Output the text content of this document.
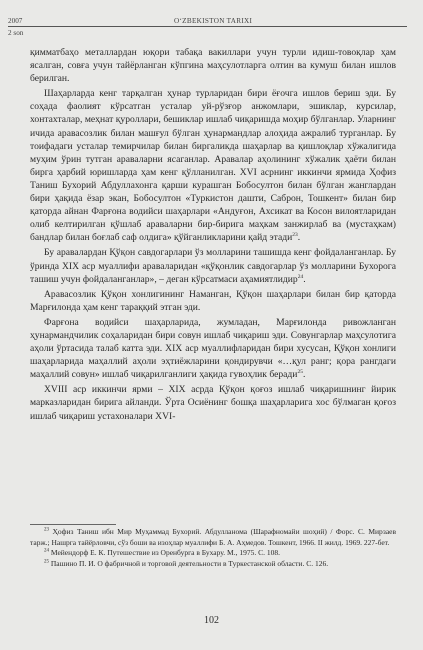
2007	O‘ZBEKISTON TARIXI
2 son

қимматбаҳо металлардан юқори табақа вакиллари учун турли идиш-товоқлар ҳам ясалган, совға учун тайёрланган кўпгина маҳсулотларга олтин ва кумуш билан ишлов берилган.

Шаҳарларда кенг тарқалган ҳунар турларидан бири ёғочга ишлов бериш эди. Бу соҳада фаолият кўрсатган усталар уй-рўзғор анжомлари, эшиклар, курсилар, хонтахталар, меҳнат қуроллари, бешиклар ишлаб чиқаришда моҳир бўлганлар. Уларнинг ичида аравасозлик билан машғул бўлган ҳунармандлар алоҳида ажралиб турганлар. Бу тоифадаги усталар темирчилар билан биргаликда шаҳарлар ва қишлоқлар хўжалигида муҳим ўрин тутган араваларни ясаганлар. Аравалар аҳолининг хўжалик ҳаёти билан бирга ҳарбий юришларда ҳам кенг қўлланилган. XVI асрнинг иккинчи ярмида Ҳофиз Таниш Бухорий Абдуллахонга қарши курашган Бобосултон билан бўлган жанглардан бири ҳақида ёзар экан, Бобосултон «Туркистон дашти, Саброн, Тошкент» билан бир қаторда айнан Фарғона водийси шаҳарлари «Андуғон, Ахсикат ва Косон вилоятларидан олиб келтирилган қўшлаб араваларни бир-бирига маҳкам занжирлаб ва (мустаҳкам) бандлар билан боғлаб саф олдига» қўйганликларини қайд этади$^{23}$.

Бу аравалардан Қўқон савдогарлари ўз молларини ташишда кенг фойдаланганлар. Бу ўринда XIX аср муаллифи араваларидан «қўқонлик савдогарлар ўз молларини Бухорога ташиш учун фойдаланганлар», – деган кўрсатмаси аҳамиятлидир$^{24}$.

Аравасозлик Қўқон хонлигининг Наманган, Қўқон шаҳарлари билан бир қаторда Марғилонда ҳам кенг тараққий этган эди.

Фарғона водийси шаҳарларида, жумладан, Марғилонда ривожланган ҳунармандчилик соҳаларидан бири совун ишлаб чиқариш эди. Совунгарлар маҳсулотига аҳоли ўртасида талаб катта эди. XIX аср муаллифларидан бири хусусан, Қўқон хонлиги шаҳарларида маҳаллий аҳоли эҳтиёжларини қондирувчи «…қул ранг; қора рангдаги маҳаллий совун» ишлаб чиқарилганлиги ҳақида гувоҳлик беради$^{25}$.

XVIII аср иккинчи ярми – XIX асрда Қўқон қоғоз ишлаб чиқаришнинг йирик марказларидан бирига айланди. Ўрта Осиёнинг бошқа шаҳарларига хос бўлмаган қоғоз ишлаб чиқариш устахоналари XVI-

$^{23}$ Ҳофиз Таниш ибн Мир Муҳаммад Бухорий. Абдулланома (Шарафномайи шоҳий) / Форс. С. Мирзаев тарж.; Нашрга тайёрловчи, сўз боши ва изоҳлар муаллифи Б. А. Аҳмедов. Тошкент, 1966. II жилд. 1969. 227-бет.
$^{24}$ Мейендорф Е. К. Путешествие из Оренбурга в Бухару. М., 1975. С. 108.
$^{25}$ Пашино П. И. О фабричной и торговой деятельности в Туркестанской области. С. 126.
102
